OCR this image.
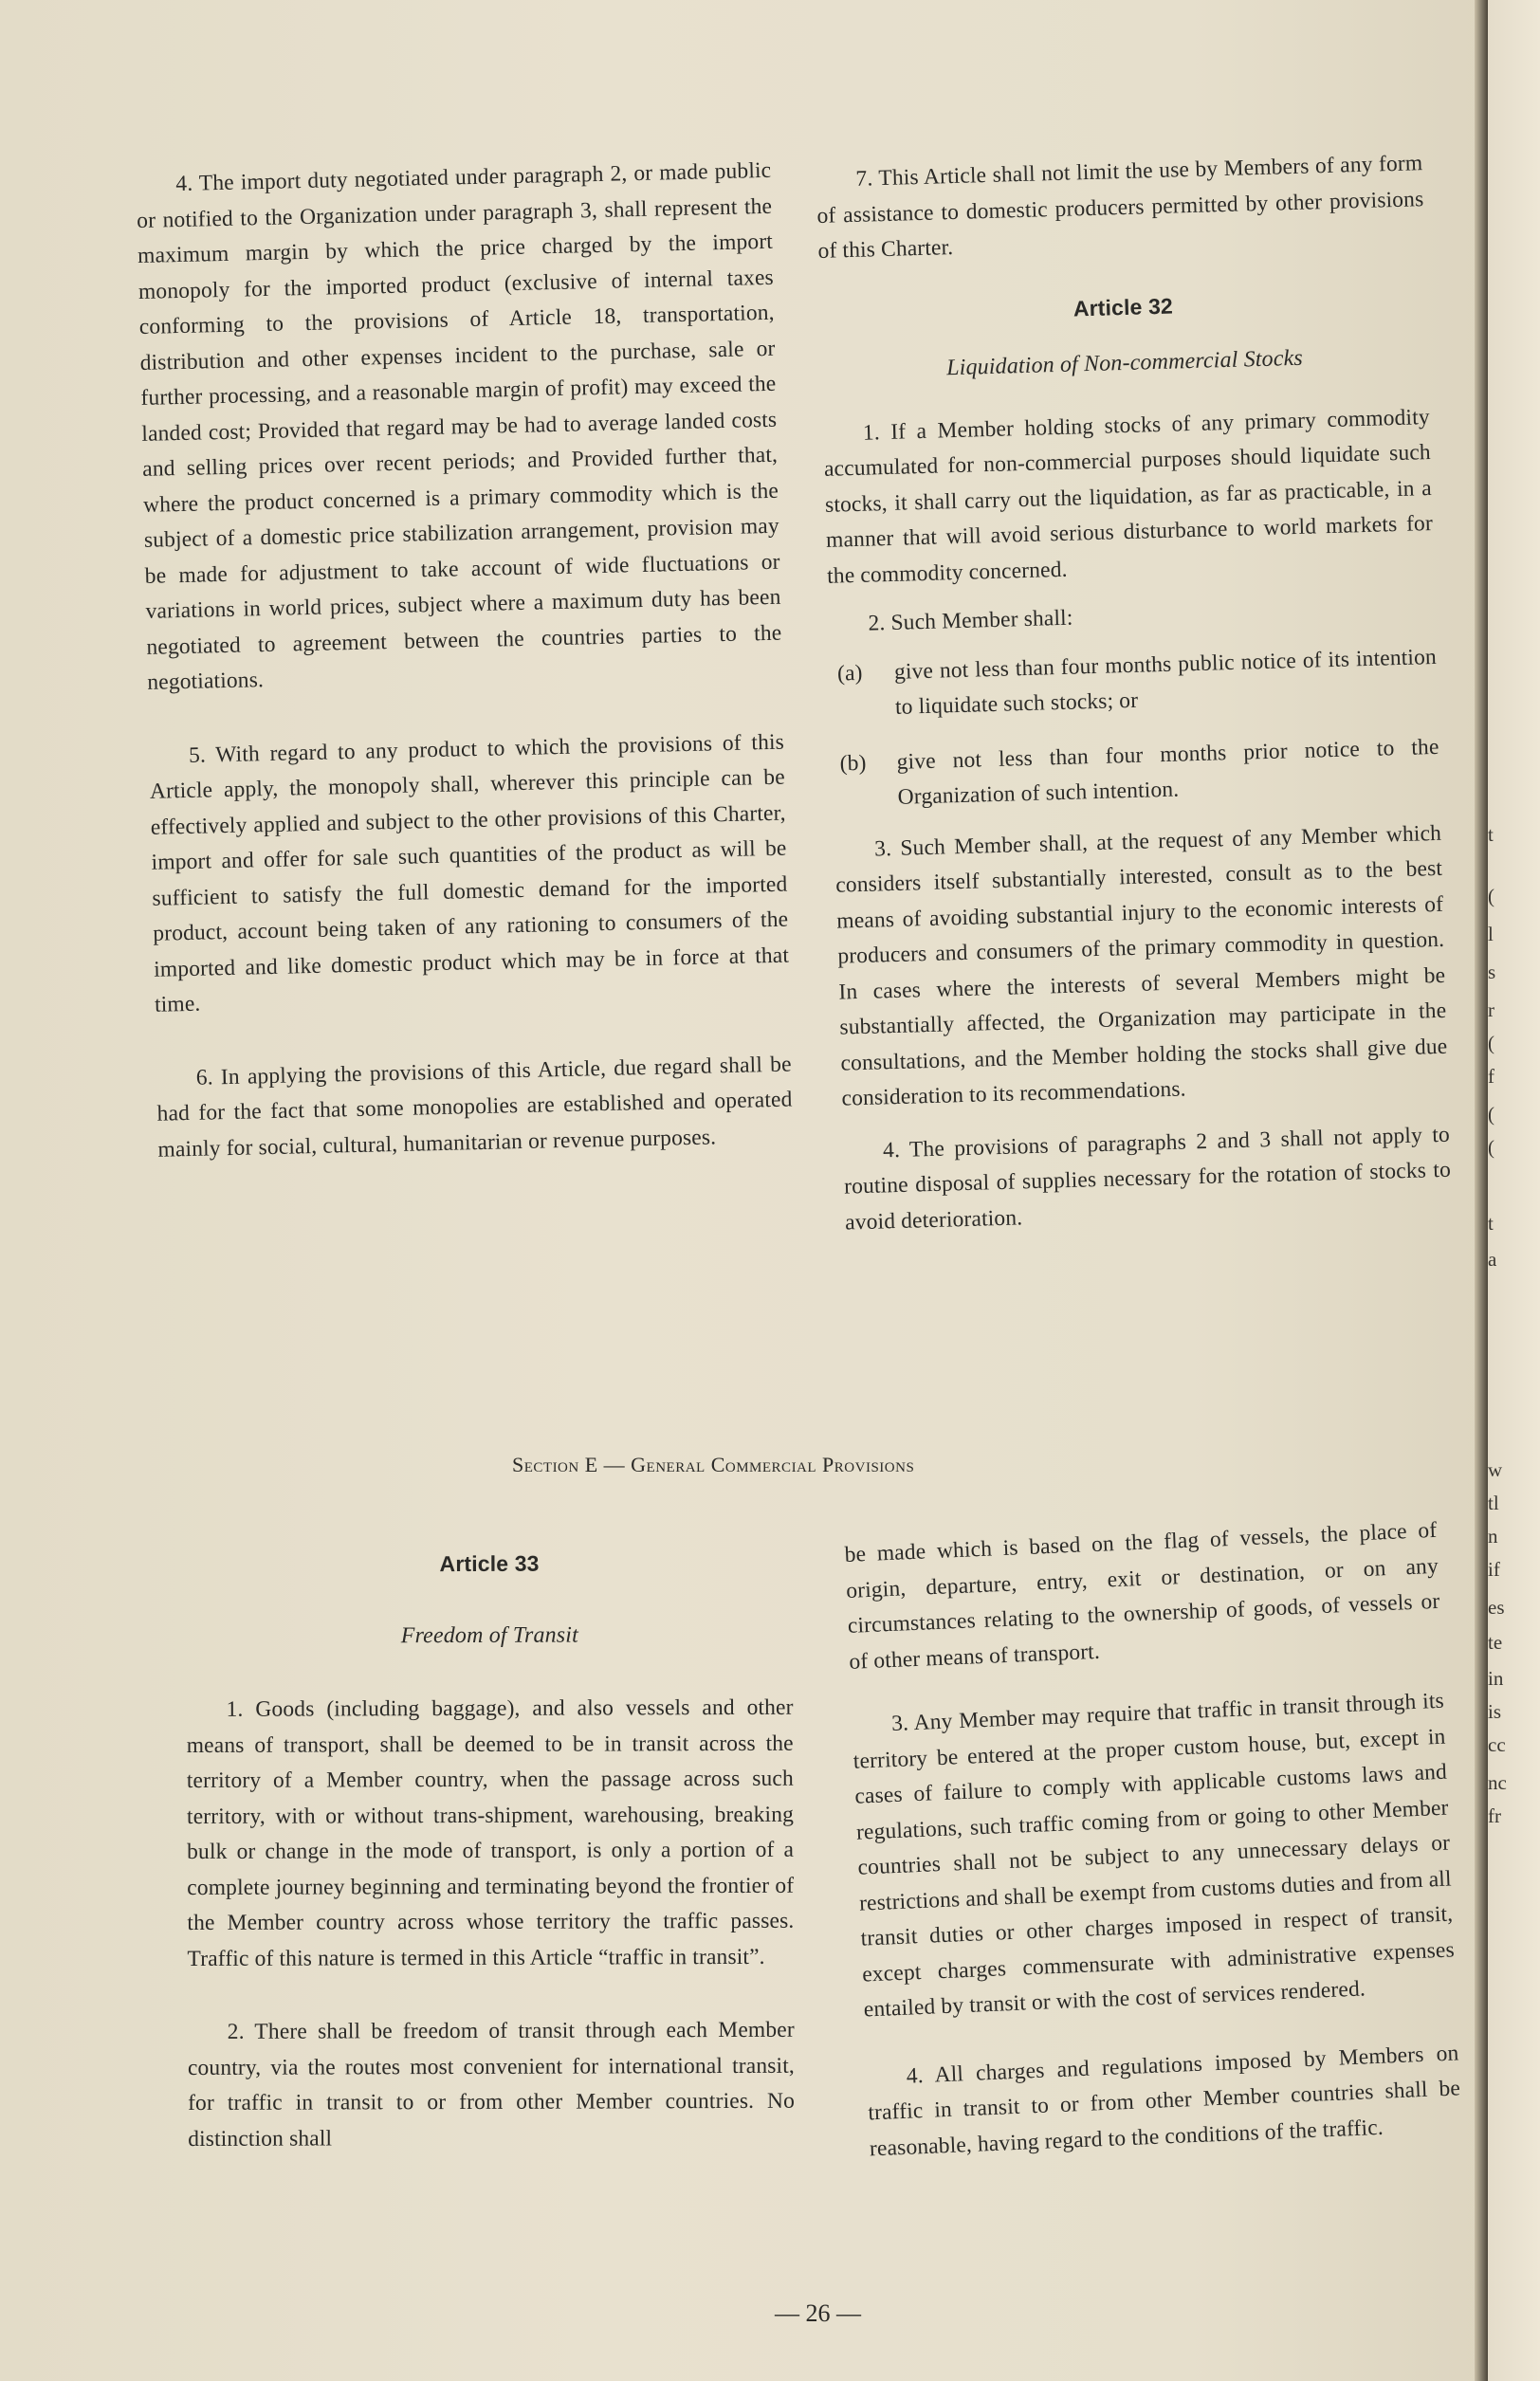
4. The import duty negotiated under paragraph 2, or made public or notified to the Organization under paragraph 3, shall represent the maximum margin by which the price charged by the import monopoly for the imported product (exclusive of internal taxes conforming to the provisions of Article 18, transportation, distribution and other expenses incident to the purchase, sale or further processing, and a reasonable margin of profit) may exceed the landed cost; Provided that regard may be had to average landed costs and selling prices over recent periods; and Provided further that, where the product concerned is a primary commodity which is the subject of a domestic price stabilization arrangement, provision may be made for adjustment to take account of wide fluctuations or variations in world prices, subject where a maximum duty has been negotiated to agreement between the countries parties to the negotiations.

5. With regard to any product to which the provisions of this Article apply, the monopoly shall, wherever this principle can be effectively applied and subject to the other provisions of this Charter, import and offer for sale such quantities of the product as will be sufficient to satisfy the full domestic demand for the imported product, account being taken of any rationing to consumers of the imported and like domestic product which may be in force at that time.

6. In applying the provisions of this Article, due regard shall be had for the fact that some monopolies are established and operated mainly for social, cultural, humanitarian or revenue purposes.

7. This Article shall not limit the use by Members of any form of assistance to domestic producers permitted by other provisions of this Charter.

Article 32

Liquidation of Non-commercial Stocks

1. If a Member holding stocks of any primary commodity accumulated for non-commercial purposes should liquidate such stocks, it shall carry out the liquidation, as far as practicable, in a manner that will avoid serious disturbance to world markets for the commodity concerned.

2. Such Member shall:

(a)	give not less than four months public notice of its intention to liquidate such stocks; or
(b)	give not less than four months prior notice to the Organization of such intention.

3. Such Member shall, at the request of any Member which considers itself substantially interested, consult as to the best means of avoiding substantial injury to the economic interests of producers and consumers of the primary commodity in question. In cases where the interests of several Members might be substantially affected, the Organization may participate in the consultations, and the Member holding the stocks shall give due consideration to its recommendations.

4. The provisions of paragraphs 2 and 3 shall not apply to routine disposal of supplies necessary for the rotation of stocks to avoid deterioration.

Section E — General Commercial Provisions

Article 33

Freedom of Transit

1. Goods (including baggage), and also vessels and other means of transport, shall be deemed to be in transit across the territory of a Member country, when the passage across such territory, with or without trans-shipment, warehousing, breaking bulk or change in the mode of transport, is only a portion of a complete journey beginning and terminating beyond the frontier of the Member country across whose territory the traffic passes. Traffic of this nature is termed in this Article “traffic in transit”.

2. There shall be freedom of transit through each Member country, via the routes most convenient for international transit, for traffic in transit to or from other Member countries. No distinction shall

be made which is based on the flag of vessels, the place of origin, departure, entry, exit or destination, or on any circumstances relating to the ownership of goods, of vessels or of other means of transport.

3. Any Member may require that traffic in transit through its territory be entered at the proper custom house, but, except in cases of failure to comply with applicable customs laws and regulations, such traffic coming from or going to other Member countries shall not be subject to any unnecessary delays or restrictions and shall be exempt from customs duties and from all transit duties or other charges imposed in respect of transit, except charges commensurate with administrative expenses entailed by transit or with the cost of services rendered.

4. All charges and regulations imposed by Members on traffic in transit to or from other Member countries shall be reasonable, having regard to the conditions of the traffic.

— 26 —
t
(
l
s
r
(
f
(
(
t
a
w
tl
n
if
es
te
in
is
cc
nc
fr
